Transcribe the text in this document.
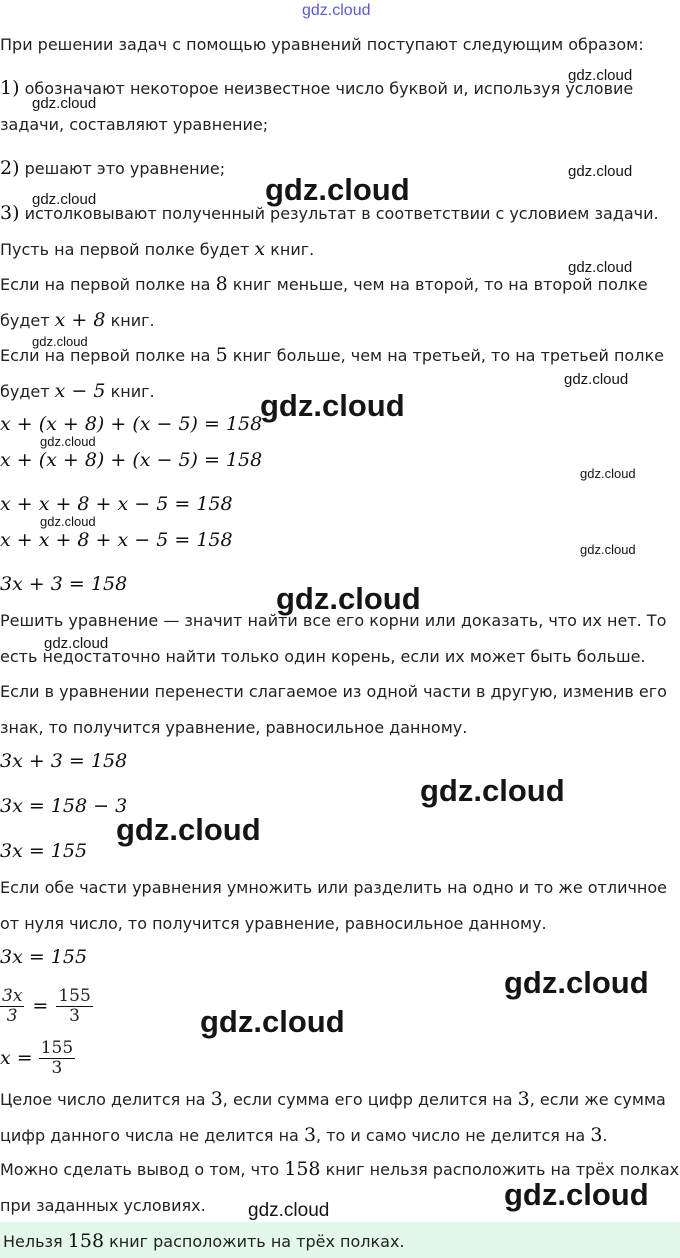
При решении задач с помощью уравнений поступают следующим образом:
1) обозначают некоторое неизвестное число буквой и, используя условие
задачи, составляют уравнение;
2) решают это уравнение;
3) истолковывают полученный результат в соответствии с условием задачи.
Пусть на первой полке будет x книг.
Если на первой полке на 8 книг меньше, чем на второй, то на второй полке
будет x + 8 книг.
Если на первой полке на 5 книг больше, чем на третьей, то на третьей полке
будет x − 5 книг.
x + (x + 8) + (x − 5) = 158
x + (x + 8) + (x − 5) = 158
x + x + 8 + x − 5 = 158
x + x + 8 + x − 5 = 158
3x + 3 = 158
Решить уравнение — значит найти все его корни или доказать, что их нет. То
есть недостаточно найти только один корень, если их может быть больше.
Если в уравнении перенести слагаемое из одной части в другую, изменив его
знак, то получится уравнение, равносильное данному.
3x + 3 = 158
3x = 158 − 3
3x = 155
Если обе части уравнения умножить или разделить на одно и то же отличное
от нуля число, то получится уравнение, равносильное данному.
3x = 155
$\frac{3x}{3} = \frac{155}{3}$
$x = \frac{155}{3}$
Целое число делится на 3, если сумма его цифр делится на 3, если же сумма
цифр данного числа не делится на 3, то и само число не делится на 3.
Можно сделать вывод о том, что 158 книг нельзя расположить на трёх полках
при заданных условиях.
Нельзя 158 книг расположить на трёх полках.
gdz.cloud
gdz.cloud
gdz.cloud
gdz.cloud
gdz.cloud	gdz.cloud
gdz.cloud
gdz.cloud
gdz.cloud
gdz.cloud
gdz.cloud
gdz.cloud
gdz.cloud
gdz.cloud
gdz.cloud
gdz.cloud
gdz.cloud
gdz.cloud
gdz.cloud
gdz.cloud
gdz.cloud
gdz.cloud
